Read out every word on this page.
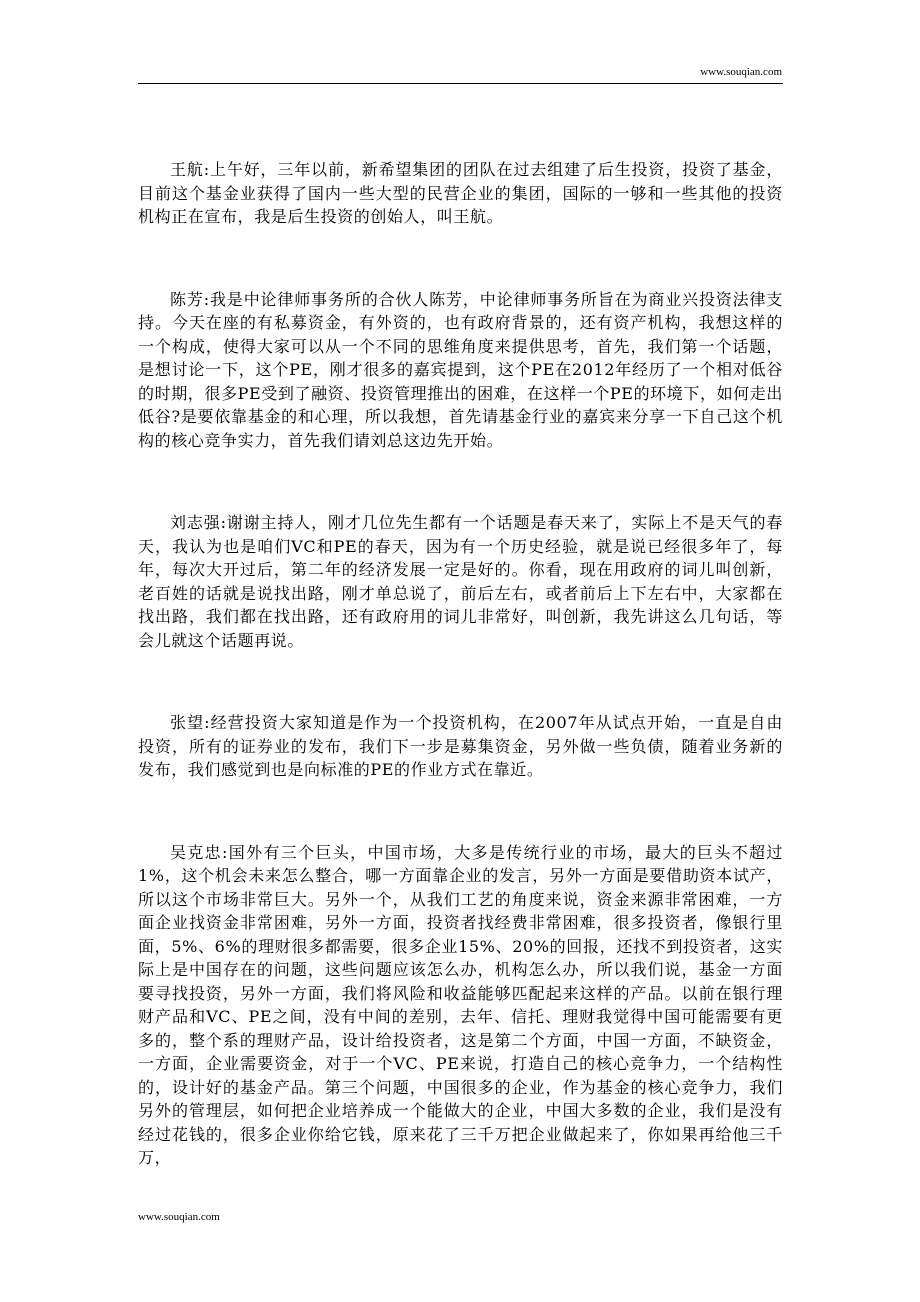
www.souqian.com

王航:上午好，三年以前，新希望集团的团队在过去组建了后生投资，投资了基金，目前这个基金业获得了国内一些大型的民营企业的集团，国际的一够和一些其他的投资机构正在宣布，我是后生投资的创始人，叫王航。

陈芳:我是中论律师事务所的合伙人陈芳，中论律师事务所旨在为商业兴投资法律支持。今天在座的有私募资金，有外资的，也有政府背景的，还有资产机构，我想这样的一个构成，使得大家可以从一个不同的思维角度来提供思考，首先，我们第一个话题，是想讨论一下，这个PE，刚才很多的嘉宾提到，这个PE在2012年经历了一个相对低谷的时期，很多PE受到了融资、投资管理推出的困难，在这样一个PE的环境下，如何走出低谷?是要依靠基金的和心理，所以我想，首先请基金行业的嘉宾来分享一下自己这个机构的核心竞争实力，首先我们请刘总这边先开始。

刘志强:谢谢主持人，刚才几位先生都有一个话题是春天来了，实际上不是天气的春天，我认为也是咱们VC和PE的春天，因为有一个历史经验，就是说已经很多年了，每年，每次大开过后，第二年的经济发展一定是好的。你看，现在用政府的词儿叫创新，老百姓的话就是说找出路，刚才单总说了，前后左右，或者前后上下左右中，大家都在找出路，我们都在找出路，还有政府用的词儿非常好，叫创新，我先讲这么几句话，等会儿就这个话题再说。

张望:经营投资大家知道是作为一个投资机构，在2007年从试点开始，一直是自由投资，所有的证券业的发布，我们下一步是募集资金，另外做一些负债，随着业务新的发布，我们感觉到也是向标准的PE的作业方式在靠近。

吴克忠:国外有三个巨头，中国市场，大多是传统行业的市场，最大的巨头不超过1%，这个机会未来怎么整合，哪一方面靠企业的发言，另外一方面是要借助资本试产，所以这个市场非常巨大。另外一个，从我们工艺的角度来说，资金来源非常困难，一方面企业找资金非常困难，另外一方面，投资者找经费非常困难，很多投资者，像银行里面，5%、6%的理财很多都需要，很多企业15%、20%的回报，还找不到投资者，这实际上是中国存在的问题，这些问题应该怎么办，机构怎么办，所以我们说，基金一方面要寻找投资，另外一方面，我们将风险和收益能够匹配起来这样的产品。以前在银行理财产品和VC、PE之间，没有中间的差别，去年、信托、理财我觉得中国可能需要有更多的，整个系的理财产品，设计给投资者，这是第二个方面，中国一方面，不缺资金，一方面，企业需要资金，对于一个VC、PE来说，打造自己的核心竞争力，一个结构性的，设计好的基金产品。第三个问题，中国很多的企业，作为基金的核心竞争力，我们另外的管理层，如何把企业培养成一个能做大的企业，中国大多数的企业，我们是没有经过花钱的，很多企业你给它钱，原来花了三千万把企业做起来了，你如果再给他三千万，

www.souqian.com
